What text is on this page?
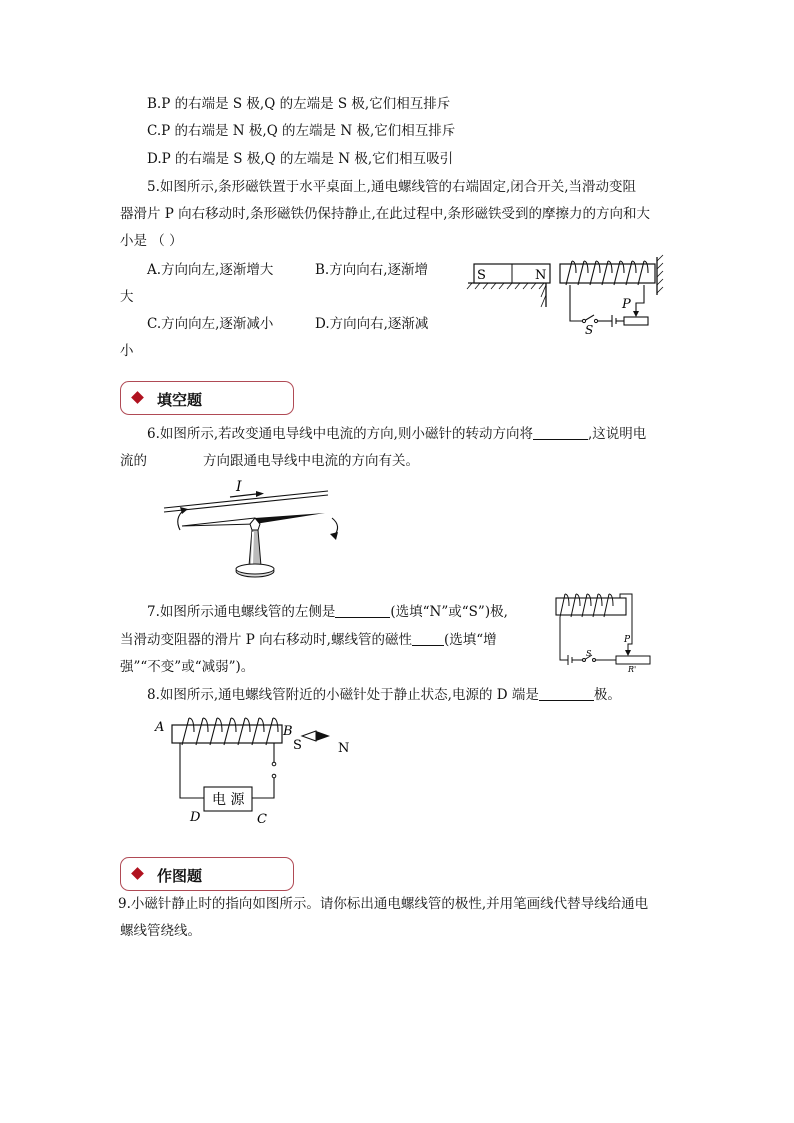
B.P 的右端是 S 极,Q 的左端是 S 极,它们相互排斥
C.P 的右端是 N 极,Q 的左端是 N 极,它们相互排斥
D.P 的右端是 S 极,Q 的左端是 N 极,它们相互吸引
5.如图所示,条形磁铁置于水平桌面上,通电螺线管的右端固定,闭合开关,当滑动变阻
器滑片 P 向右移动时,条形磁铁仍保持静止,在此过程中,条形磁铁受到的摩擦力的方向和大
小是 （ ）
A.方向向左,逐渐增大	B.方向向右,逐渐增
大
C.方向向左,逐渐减小	D.方向向右,逐渐减
小
S	N
P
S
填空题
6.如图所示,若改变通电导线中电流的方向,则小磁针的转动方向将	,这说明电
流的	方向跟通电导线中电流的方向有关。
I
7.如图所示通电螺线管的左侧是	(选填“N”或“S”)极,
当滑动变阻器的滑片 P 向右移动时,螺线管的磁性 (选填“增
强”“不变”或“减弱”)。
P
S
R'
8.如图所示,通电螺线管附近的小磁针处于静止状态,电源的 D 端是	极。
A	B
S	N
电 源
D	C
作图题
9.小磁针静止时的指向如图所示。请你标出通电螺线管的极性,并用笔画线代替导线给通电
螺线管绕线。
